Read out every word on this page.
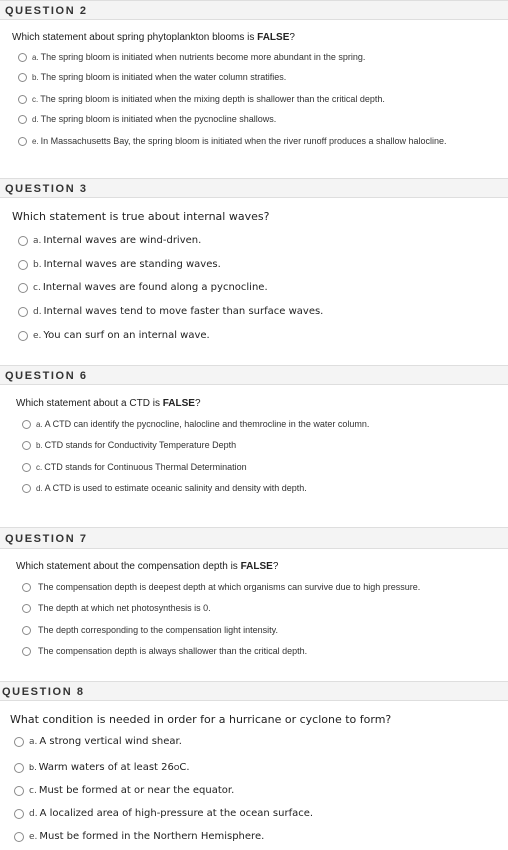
QUESTION 2
Which statement about spring phytoplankton blooms is FALSE?
a. The spring bloom is initiated when nutrients become more abundant in the spring.
b. The spring bloom is initiated when the water column stratifies.
c. The spring bloom is initiated when the mixing depth is shallower than the critical depth.
d. The spring bloom is initiated when the pycnocline shallows.
e. In Massachusetts Bay, the spring bloom is initiated when the river runoff produces a shallow halocline.
QUESTION 3
Which statement is true about internal waves?
a. Internal waves are wind-driven.
b. Internal waves are standing waves.
c. Internal waves are found along a pycnocline.
d. Internal waves tend to move faster than surface waves.
e. You can surf on an internal wave.
QUESTION 6
Which statement about a CTD is FALSE?
a. A CTD can identify the pycnocline, halocline and themrocline in the water column.
b. CTD stands for Conductivity Temperature Depth
c. CTD stands for Continuous Thermal Determination
d. A CTD is used to estimate oceanic salinity and density with depth.
QUESTION 7
Which statement about the compensation depth is FALSE?
The compensation depth is deepest depth at which organisms can survive due to high pressure.
The depth at which net photosynthesis is 0.
The depth corresponding to the compensation light intensity.
The compensation depth is always shallower than the critical depth.
QUESTION 8
What condition is needed in order for a hurricane or cyclone to form?
a. A strong vertical wind shear.
b. Warm waters of at least 26 O C.
c. Must be formed at or near the equator.
d. A localized area of high-pressure at the ocean surface.
e. Must be formed in the Northern Hemisphere.
